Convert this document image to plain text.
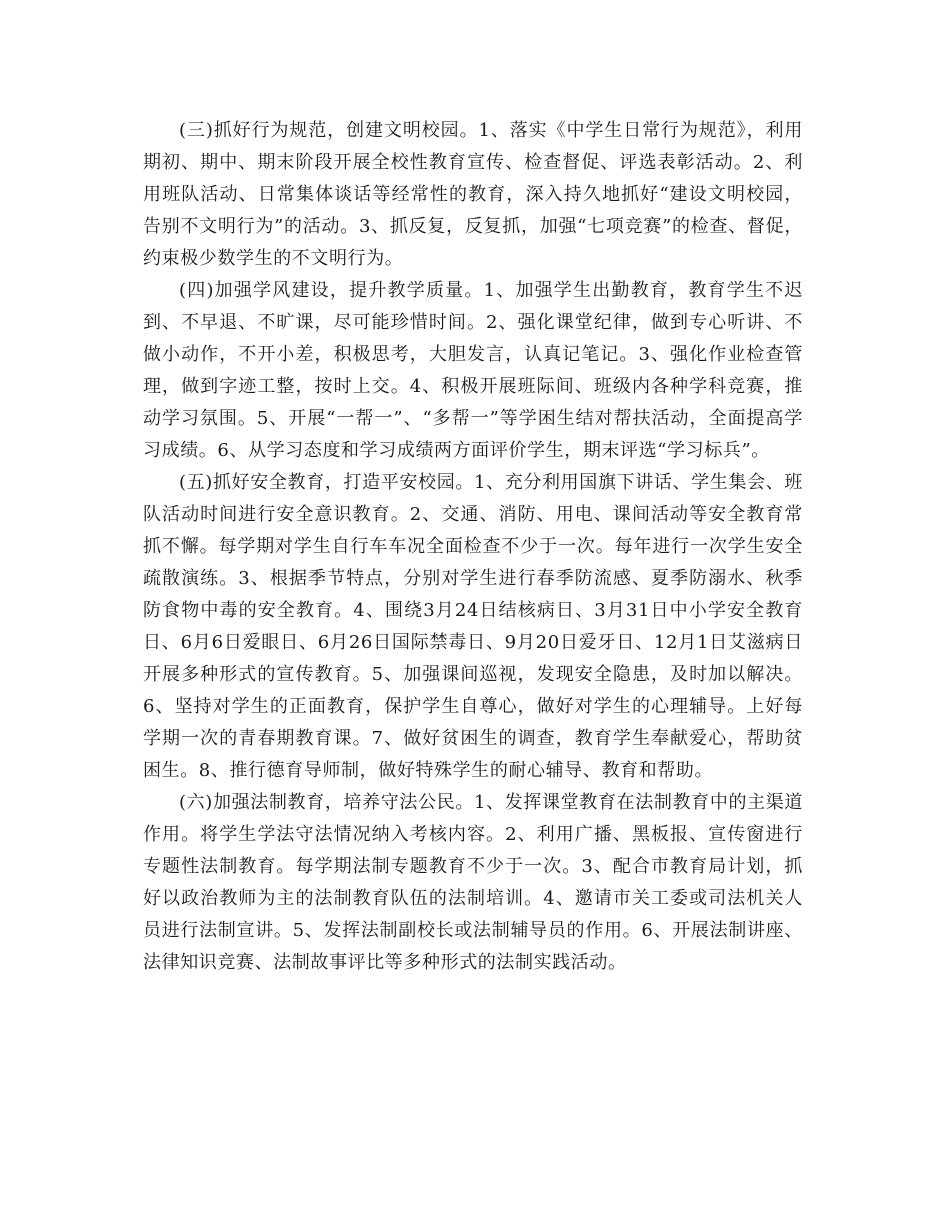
(三)抓好行为规范，创建文明校园。1、落实《中学生日常行为规范》，利用期初、期中、期末阶段开展全校性教育宣传、检查督促、评选表彰活动。2、利用班队活动、日常集体谈话等经常性的教育，深入持久地抓好“建设文明校园，告别不文明行为”的活动。3、抓反复，反复抓，加强“七项竞赛”的检查、督促，约束极少数学生的不文明行为。

(四)加强学风建设，提升教学质量。1、加强学生出勤教育，教育学生不迟到、不早退、不旷课，尽可能珍惜时间。2、强化课堂纪律，做到专心听讲、不做小动作，不开小差，积极思考，大胆发言，认真记笔记。3、强化作业检查管理，做到字迹工整，按时上交。4、积极开展班际间、班级内各种学科竞赛，推动学习氛围。5、开展“一帮一”、“多帮一”等学困生结对帮扶活动，全面提高学习成绩。6、从学习态度和学习成绩两方面评价学生，期末评选“学习标兵”。

(五)抓好安全教育，打造平安校园。1、充分利用国旗下讲话、学生集会、班队活动时间进行安全意识教育。2、交通、消防、用电、课间活动等安全教育常抓不懈。每学期对学生自行车车况全面检查不少于一次。每年进行一次学生安全疏散演练。3、根据季节特点，分别对学生进行春季防流感、夏季防溺水、秋季防食物中毒的安全教育。4、围绕3月24日结核病日、3月31日中小学安全教育日、6月6日爱眼日、6月26日国际禁毒日、9月20日爱牙日、12月1日艾滋病日开展多种形式的宣传教育。5、加强课间巡视，发现安全隐患，及时加以解决。6、坚持对学生的正面教育，保护学生自尊心，做好对学生的心理辅导。上好每学期一次的青春期教育课。7、做好贫困生的调查，教育学生奉献爱心，帮助贫困生。8、推行德育导师制，做好特殊学生的耐心辅导、教育和帮助。

(六)加强法制教育，培养守法公民。1、发挥课堂教育在法制教育中的主渠道作用。将学生学法守法情况纳入考核内容。2、利用广播、黑板报、宣传窗进行专题性法制教育。每学期法制专题教育不少于一次。3、配合市教育局计划，抓好以政治教师为主的法制教育队伍的法制培训。4、邀请市关工委或司法机关人员进行法制宣讲。5、发挥法制副校长或法制辅导员的作用。6、开展法制讲座、法律知识竞赛、法制故事评比等多种形式的法制实践活动。
